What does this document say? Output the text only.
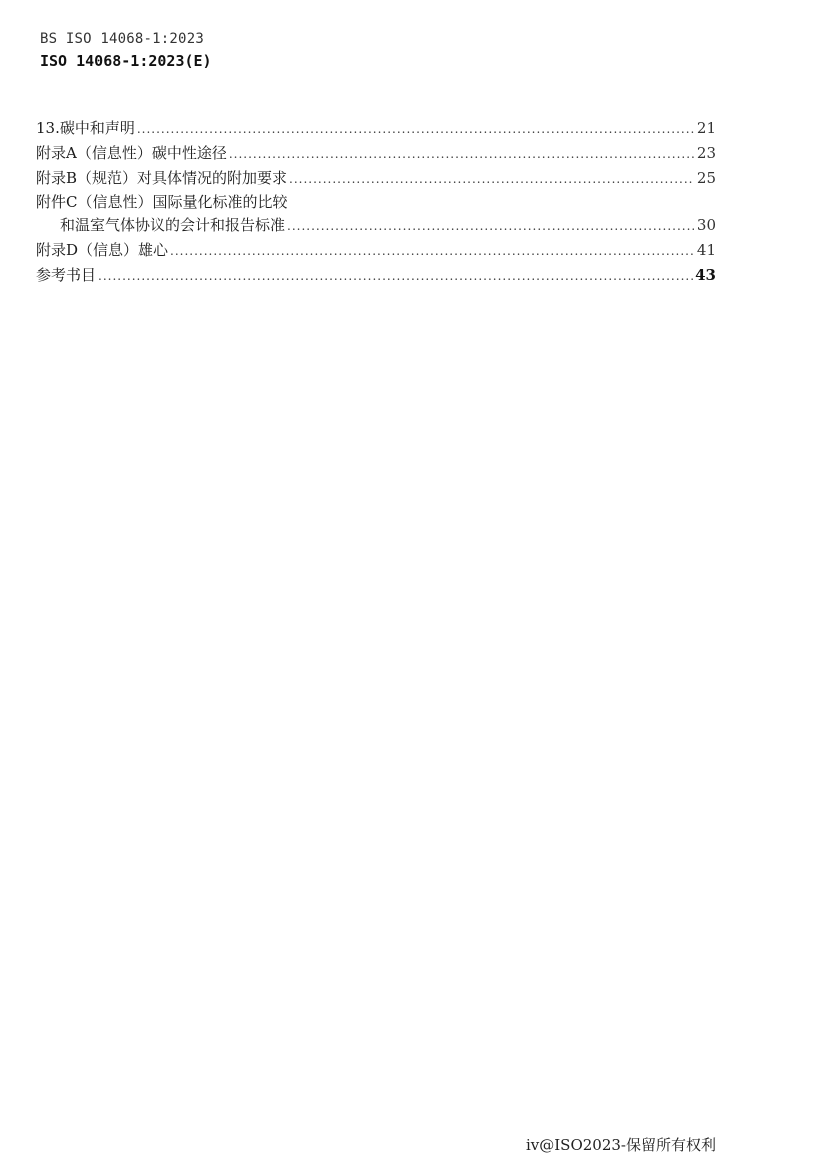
BS ISO 14068-1:2023
ISO 14068-1:2023(E)
13.碳中和声明 .....	21
附录A（信息性）碳中性途径 .....	23
附录B（规范）对具体情况的附加要求 .....	25
附件C（信息性）国际量化标准的比较
和温室气体协议的会计和报告标准 .....	30
附录D（信息）雄心 .....	41
参考书目 .....	43
iv@ISO2023-保留所有权利
